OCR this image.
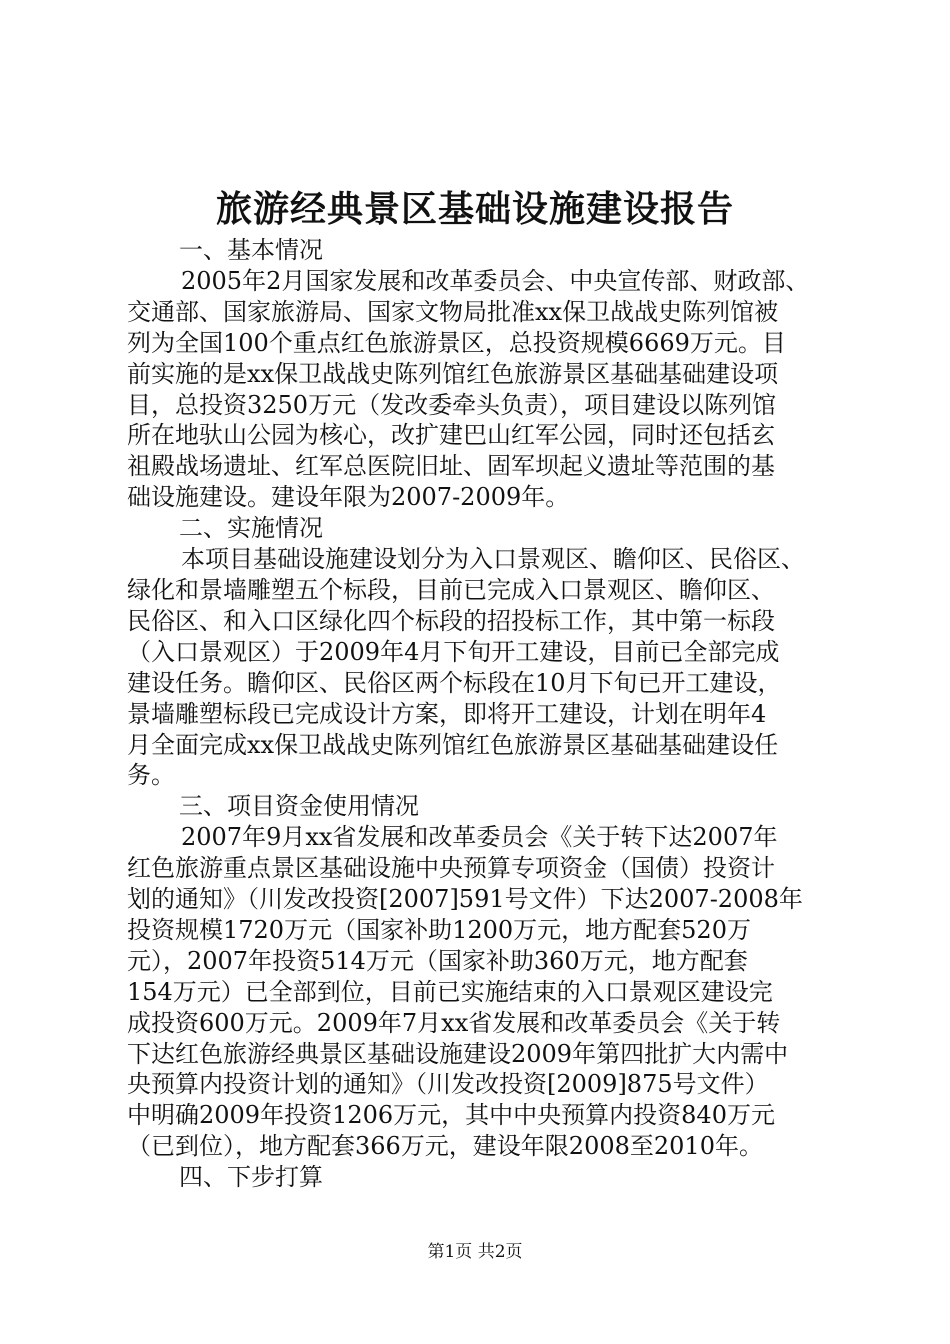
旅游经典景区基础设施建设报告

一、基本情况

2005年2月国家发展和改革委员会、中央宣传部、财政部、

交通部、国家旅游局、国家文物局批准xx保卫战战史陈列馆被

列为全国100个重点红色旅游景区，总投资规模6669万元。目

前实施的是xx保卫战战史陈列馆红色旅游景区基础基础建设项

目，总投资3250万元（发改委牵头负责），项目建设以陈列馆

所在地驮山公园为核心，改扩建巴山红军公园，同时还包括玄

祖殿战场遗址、红军总医院旧址、固军坝起义遗址等范围的基

础设施建设。建设年限为2007-2009年。

二、实施情况

本项目基础设施建设划分为入口景观区、瞻仰区、民俗区、

绿化和景墙雕塑五个标段，目前已完成入口景观区、瞻仰区、

民俗区、和入口区绿化四个标段的招投标工作，其中第一标段

（入口景观区）于2009年4月下旬开工建设，目前已全部完成

建设任务。瞻仰区、民俗区两个标段在10月下旬已开工建设，

景墙雕塑标段已完成设计方案，即将开工建设，计划在明年4

月全面完成xx保卫战战史陈列馆红色旅游景区基础基础建设任

务。

三、项目资金使用情况

2007年9月xx省发展和改革委员会《关于转下达2007年

红色旅游重点景区基础设施中央预算专项资金（国债）投资计

划的通知》（川发改投资[2007]591号文件）下达2007-2008年

投资规模1720万元（国家补助1200万元，地方配套520万

元），2007年投资514万元（国家补助360万元，地方配套

154万元）已全部到位，目前已实施结束的入口景观区建设完

成投资600万元。2009年7月xx省发展和改革委员会《关于转

下达红色旅游经典景区基础设施建设2009年第四批扩大内需中

央预算内投资计划的通知》（川发改投资[2009]875号文件）

中明确2009年投资1206万元，其中中央预算内投资840万元

（已到位），地方配套366万元，建设年限2008至2010年。

四、下步打算

第1页 共2页
